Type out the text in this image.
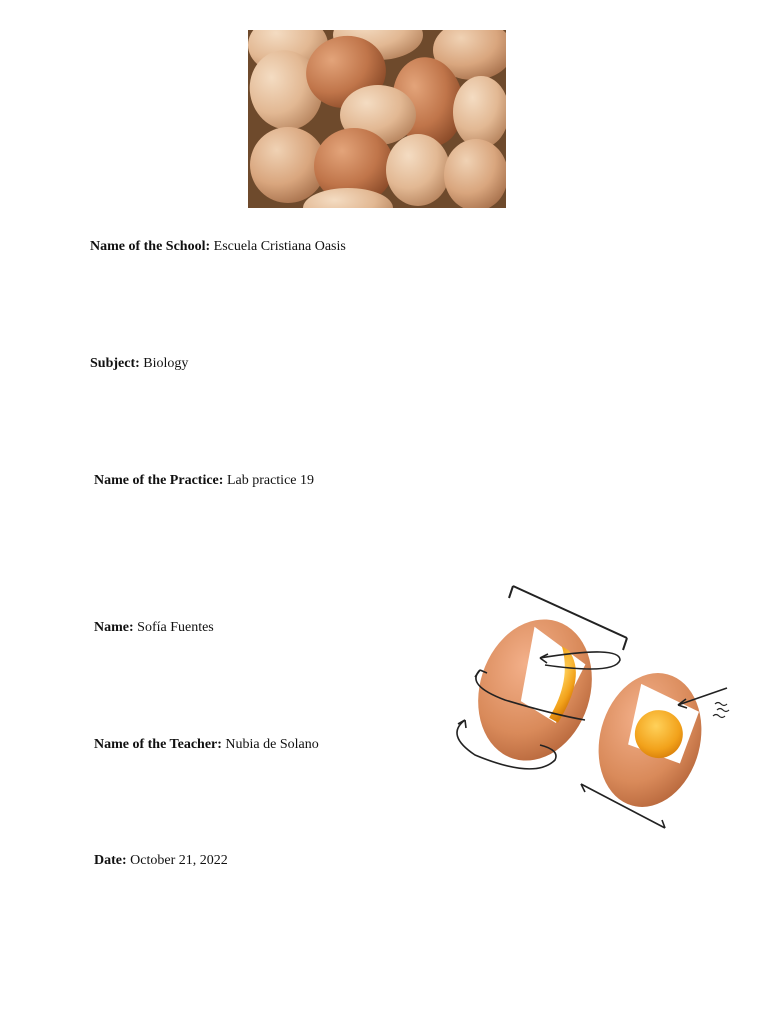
Name of the School: Escuela Cristiana Oasis
Subject: Biology
Name of the Practice: Lab practice 19
Name: Sofía Fuentes
Name of the Teacher: Nubia de Solano
Date: October 21, 2022
